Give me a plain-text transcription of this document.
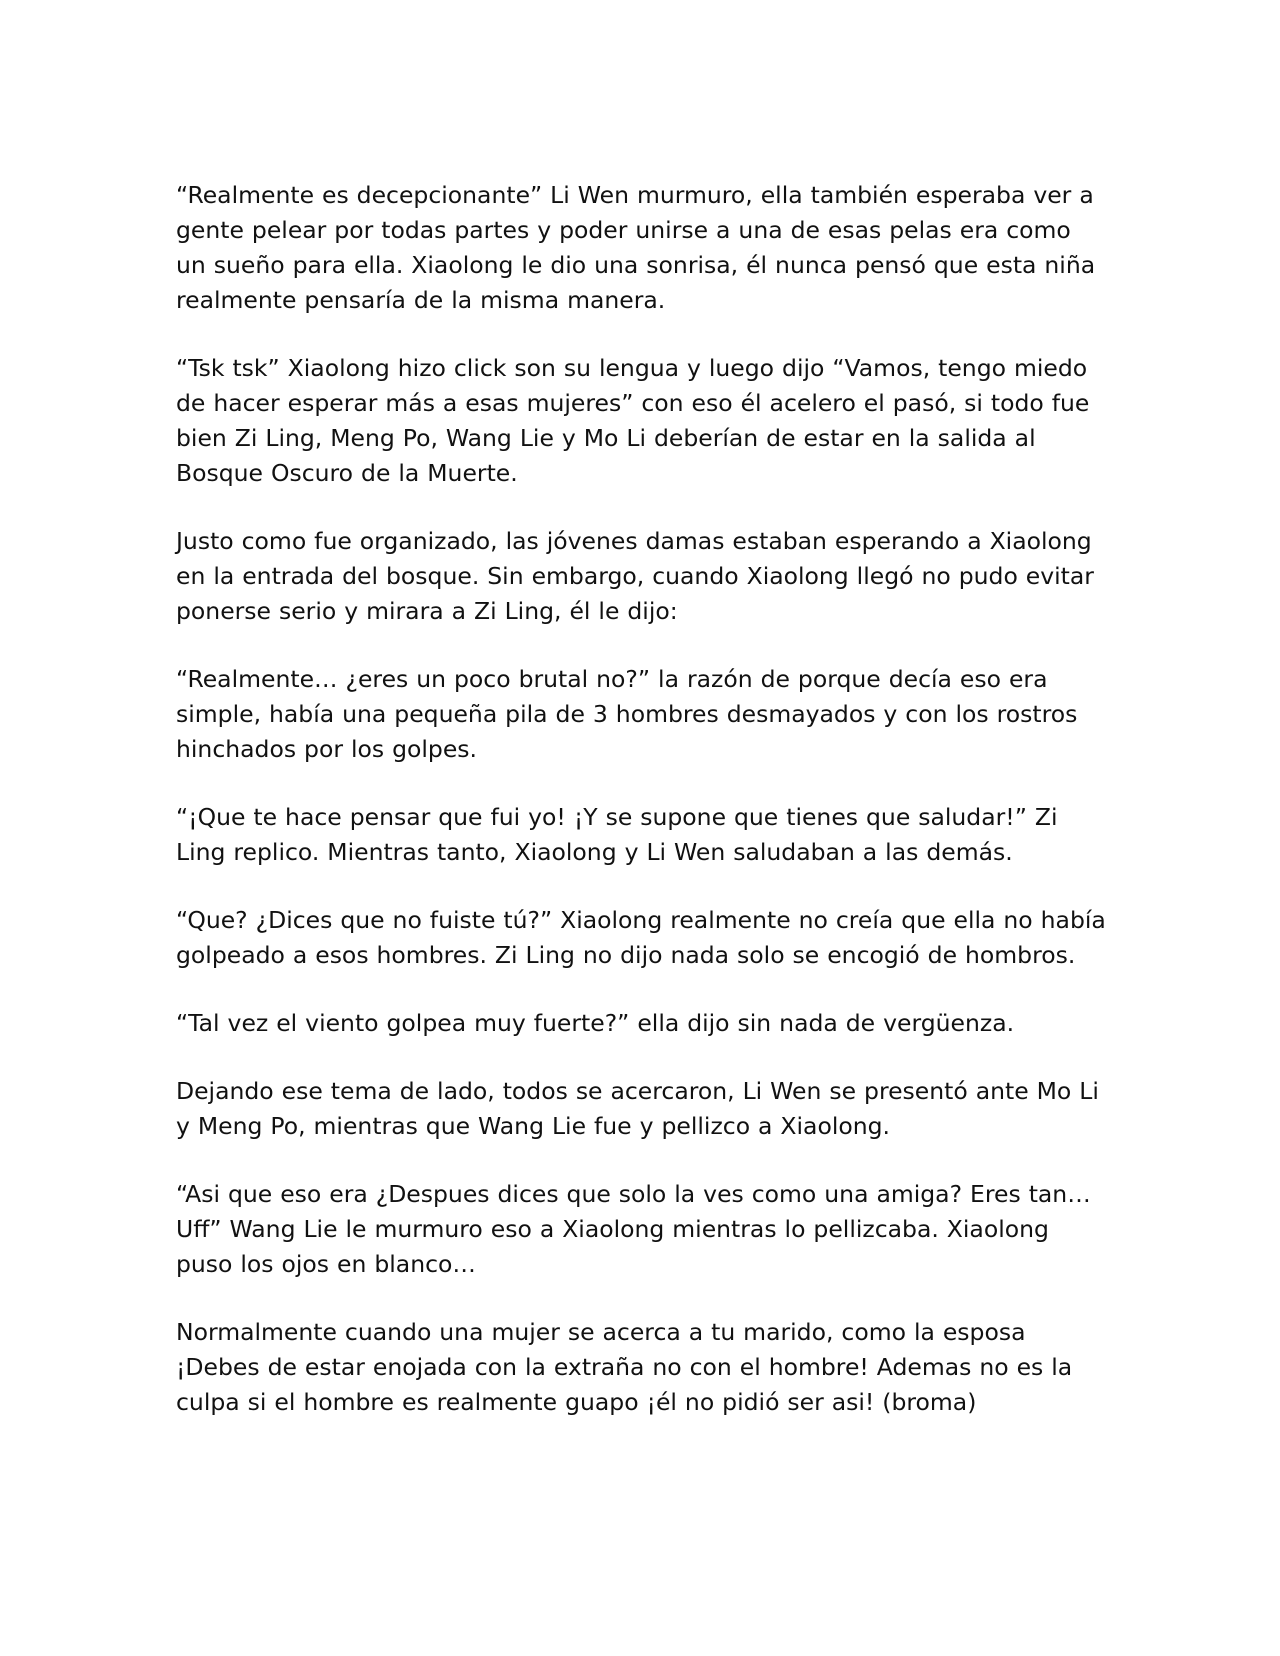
“Realmente es decepcionante” Li Wen murmuro, ella también esperaba ver a gente pelear por todas partes y poder unirse a una de esas pelas era como un sueño para ella. Xiaolong le dio una sonrisa, él nunca pensó que esta niña realmente pensaría de la misma manera.

“Tsk tsk” Xiaolong hizo click son su lengua y luego dijo “Vamos, tengo miedo de hacer esperar más a esas mujeres” con eso él acelero el pasó, si todo fue bien Zi Ling, Meng Po, Wang Lie y Mo Li deberían de estar en la salida al Bosque Oscuro de la Muerte.

Justo como fue organizado, las jóvenes damas estaban esperando a Xiaolong en la entrada del bosque. Sin embargo, cuando Xiaolong llegó no pudo evitar ponerse serio y mirara a Zi Ling, él le dijo:

“Realmente… ¿eres un poco brutal no?” la razón de porque decía eso era simple, había una pequeña pila de 3 hombres desmayados y con los rostros hinchados por los golpes.

“¡Que te hace pensar que fui yo! ¡Y se supone que tienes que saludar!” Zi Ling replico. Mientras tanto, Xiaolong y Li Wen saludaban a las demás.

“Que? ¿Dices que no fuiste tú?” Xiaolong realmente no creía que ella no había golpeado a esos hombres. Zi Ling no dijo nada solo se encogió de hombros.

“Tal vez el viento golpea muy fuerte?” ella dijo sin nada de vergüenza.

Dejando ese tema de lado, todos se acercaron, Li Wen se presentó ante Mo Li y Meng Po, mientras que Wang Lie fue y pellizco a Xiaolong.

“Asi que eso era ¿Despues dices que solo la ves como una amiga? Eres tan…Uff” Wang Lie le murmuro eso a Xiaolong mientras lo pellizcaba. Xiaolong puso los ojos en blanco…

Normalmente cuando una mujer se acerca a tu marido, como la esposa ¡Debes de estar enojada con la extraña no con el hombre! Ademas no es la culpa si el hombre es realmente guapo ¡él no pidió ser asi! (broma)
